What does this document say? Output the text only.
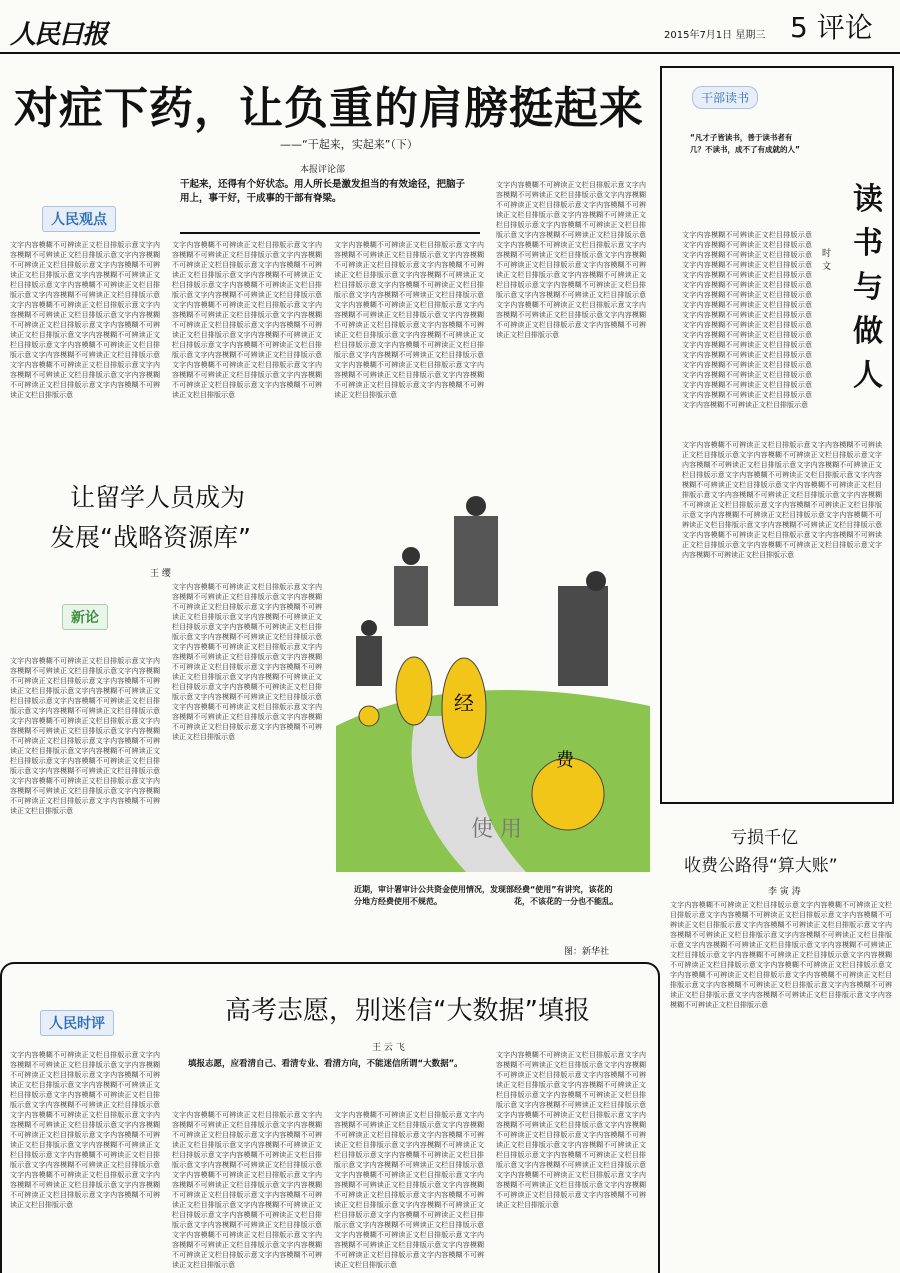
人民日报	2015年7月1日 星期三 5 评论
对症下药，让负重的肩膀挺起来
——“干起来，实起来”（下）
本报评论部
人民观点
干起来，还得有个好状态。用人所长是激发担当的有效途径，把脑子用上，事干好，干成事的干部有脊梁。
文字内容模糊不可辨读正文栏目排版示意文字内容模糊不可辨读正文栏目排版示意文字内容模糊不可辨读正文栏目排版示意文字内容模糊不可辨读正文栏目排版示意文字内容模糊不可辨读正文栏目排版示意文字内容模糊不可辨读正文栏目排版示意文字内容模糊不可辨读正文栏目排版示意文字内容模糊不可辨读正文栏目排版示意文字内容模糊不可辨读正文栏目排版示意文字内容模糊不可辨读正文栏目排版示意文字内容模糊不可辨读正文栏目排版示意文字内容模糊不可辨读正文栏目排版示意文字内容模糊不可辨读正文栏目排版示意文字内容模糊不可辨读正文栏目排版示意文字内容模糊不可辨读正文栏目排版示意文字内容模糊不可辨读正文栏目排版示意文字内容模糊不可辨读正文栏目排版示意文字内容模糊不可辨读正文栏目排版示意
文字内容模糊不可辨读正文栏目排版示意文字内容模糊不可辨读正文栏目排版示意文字内容模糊不可辨读正文栏目排版示意文字内容模糊不可辨读正文栏目排版示意文字内容模糊不可辨读正文栏目排版示意文字内容模糊不可辨读正文栏目排版示意文字内容模糊不可辨读正文栏目排版示意文字内容模糊不可辨读正文栏目排版示意文字内容模糊不可辨读正文栏目排版示意文字内容模糊不可辨读正文栏目排版示意文字内容模糊不可辨读正文栏目排版示意文字内容模糊不可辨读正文栏目排版示意文字内容模糊不可辨读正文栏目排版示意文字内容模糊不可辨读正文栏目排版示意文字内容模糊不可辨读正文栏目排版示意文字内容模糊不可辨读正文栏目排版示意文字内容模糊不可辨读正文栏目排版示意文字内容模糊不可辨读正文栏目排版示意
文字内容模糊不可辨读正文栏目排版示意文字内容模糊不可辨读正文栏目排版示意文字内容模糊不可辨读正文栏目排版示意文字内容模糊不可辨读正文栏目排版示意文字内容模糊不可辨读正文栏目排版示意文字内容模糊不可辨读正文栏目排版示意文字内容模糊不可辨读正文栏目排版示意文字内容模糊不可辨读正文栏目排版示意文字内容模糊不可辨读正文栏目排版示意文字内容模糊不可辨读正文栏目排版示意文字内容模糊不可辨读正文栏目排版示意文字内容模糊不可辨读正文栏目排版示意文字内容模糊不可辨读正文栏目排版示意文字内容模糊不可辨读正文栏目排版示意文字内容模糊不可辨读正文栏目排版示意文字内容模糊不可辨读正文栏目排版示意文字内容模糊不可辨读正文栏目排版示意文字内容模糊不可辨读正文栏目排版示意
文字内容模糊不可辨读正文栏目排版示意文字内容模糊不可辨读正文栏目排版示意文字内容模糊不可辨读正文栏目排版示意文字内容模糊不可辨读正文栏目排版示意文字内容模糊不可辨读正文栏目排版示意文字内容模糊不可辨读正文栏目排版示意文字内容模糊不可辨读正文栏目排版示意文字内容模糊不可辨读正文栏目排版示意文字内容模糊不可辨读正文栏目排版示意文字内容模糊不可辨读正文栏目排版示意文字内容模糊不可辨读正文栏目排版示意文字内容模糊不可辨读正文栏目排版示意文字内容模糊不可辨读正文栏目排版示意文字内容模糊不可辨读正文栏目排版示意文字内容模糊不可辨读正文栏目排版示意文字内容模糊不可辨读正文栏目排版示意文字内容模糊不可辨读正文栏目排版示意文字内容模糊不可辨读正文栏目排版示意
干部读书
“凡才子皆读书，善于读书者有几？不读书，成不了有成就的人”
读书与做人
时 文
文字内容模糊不可辨读正文栏目排版示意文字内容模糊不可辨读正文栏目排版示意文字内容模糊不可辨读正文栏目排版示意文字内容模糊不可辨读正文栏目排版示意文字内容模糊不可辨读正文栏目排版示意文字内容模糊不可辨读正文栏目排版示意文字内容模糊不可辨读正文栏目排版示意文字内容模糊不可辨读正文栏目排版示意文字内容模糊不可辨读正文栏目排版示意文字内容模糊不可辨读正文栏目排版示意文字内容模糊不可辨读正文栏目排版示意文字内容模糊不可辨读正文栏目排版示意文字内容模糊不可辨读正文栏目排版示意文字内容模糊不可辨读正文栏目排版示意文字内容模糊不可辨读正文栏目排版示意文字内容模糊不可辨读正文栏目排版示意文字内容模糊不可辨读正文栏目排版示意文字内容模糊不可辨读正文栏目排版示意
文字内容模糊不可辨读正文栏目排版示意文字内容模糊不可辨读正文栏目排版示意文字内容模糊不可辨读正文栏目排版示意文字内容模糊不可辨读正文栏目排版示意文字内容模糊不可辨读正文栏目排版示意文字内容模糊不可辨读正文栏目排版示意文字内容模糊不可辨读正文栏目排版示意文字内容模糊不可辨读正文栏目排版示意文字内容模糊不可辨读正文栏目排版示意文字内容模糊不可辨读正文栏目排版示意文字内容模糊不可辨读正文栏目排版示意文字内容模糊不可辨读正文栏目排版示意文字内容模糊不可辨读正文栏目排版示意文字内容模糊不可辨读正文栏目排版示意文字内容模糊不可辨读正文栏目排版示意文字内容模糊不可辨读正文栏目排版示意文字内容模糊不可辨读正文栏目排版示意文字内容模糊不可辨读正文栏目排版示意
让留学人员成为
发展“战略资源库”
王 缨
新论
文字内容模糊不可辨读正文栏目排版示意文字内容模糊不可辨读正文栏目排版示意文字内容模糊不可辨读正文栏目排版示意文字内容模糊不可辨读正文栏目排版示意文字内容模糊不可辨读正文栏目排版示意文字内容模糊不可辨读正文栏目排版示意文字内容模糊不可辨读正文栏目排版示意文字内容模糊不可辨读正文栏目排版示意文字内容模糊不可辨读正文栏目排版示意文字内容模糊不可辨读正文栏目排版示意文字内容模糊不可辨读正文栏目排版示意文字内容模糊不可辨读正文栏目排版示意文字内容模糊不可辨读正文栏目排版示意文字内容模糊不可辨读正文栏目排版示意文字内容模糊不可辨读正文栏目排版示意文字内容模糊不可辨读正文栏目排版示意文字内容模糊不可辨读正文栏目排版示意文字内容模糊不可辨读正文栏目排版示意
文字内容模糊不可辨读正文栏目排版示意文字内容模糊不可辨读正文栏目排版示意文字内容模糊不可辨读正文栏目排版示意文字内容模糊不可辨读正文栏目排版示意文字内容模糊不可辨读正文栏目排版示意文字内容模糊不可辨读正文栏目排版示意文字内容模糊不可辨读正文栏目排版示意文字内容模糊不可辨读正文栏目排版示意文字内容模糊不可辨读正文栏目排版示意文字内容模糊不可辨读正文栏目排版示意文字内容模糊不可辨读正文栏目排版示意文字内容模糊不可辨读正文栏目排版示意文字内容模糊不可辨读正文栏目排版示意文字内容模糊不可辨读正文栏目排版示意文字内容模糊不可辨读正文栏目排版示意文字内容模糊不可辨读正文栏目排版示意文字内容模糊不可辨读正文栏目排版示意文字内容模糊不可辨读正文栏目排版示意
使 用
经
费
近期，审计署审计公共资金使用情况，发现部分地方经费使用不规范。
经费“使用”有讲究，该花的花，不该花的一分也不能乱。
图：新华社
亏损千亿
收费公路得“算大账”
李 寅 涛
文字内容模糊不可辨读正文栏目排版示意文字内容模糊不可辨读正文栏目排版示意文字内容模糊不可辨读正文栏目排版示意文字内容模糊不可辨读正文栏目排版示意文字内容模糊不可辨读正文栏目排版示意文字内容模糊不可辨读正文栏目排版示意文字内容模糊不可辨读正文栏目排版示意文字内容模糊不可辨读正文栏目排版示意文字内容模糊不可辨读正文栏目排版示意文字内容模糊不可辨读正文栏目排版示意文字内容模糊不可辨读正文栏目排版示意文字内容模糊不可辨读正文栏目排版示意文字内容模糊不可辨读正文栏目排版示意文字内容模糊不可辨读正文栏目排版示意文字内容模糊不可辨读正文栏目排版示意文字内容模糊不可辨读正文栏目排版示意文字内容模糊不可辨读正文栏目排版示意文字内容模糊不可辨读正文栏目排版示意
人民时评	高考志愿，别迷信“大数据”填报
王 云 飞
填报志愿，应看清自己、看清专业、看清方向，不能迷信所谓“大数据”。
文字内容模糊不可辨读正文栏目排版示意文字内容模糊不可辨读正文栏目排版示意文字内容模糊不可辨读正文栏目排版示意文字内容模糊不可辨读正文栏目排版示意文字内容模糊不可辨读正文栏目排版示意文字内容模糊不可辨读正文栏目排版示意文字内容模糊不可辨读正文栏目排版示意文字内容模糊不可辨读正文栏目排版示意文字内容模糊不可辨读正文栏目排版示意文字内容模糊不可辨读正文栏目排版示意文字内容模糊不可辨读正文栏目排版示意文字内容模糊不可辨读正文栏目排版示意文字内容模糊不可辨读正文栏目排版示意文字内容模糊不可辨读正文栏目排版示意文字内容模糊不可辨读正文栏目排版示意文字内容模糊不可辨读正文栏目排版示意文字内容模糊不可辨读正文栏目排版示意文字内容模糊不可辨读正文栏目排版示意
文字内容模糊不可辨读正文栏目排版示意文字内容模糊不可辨读正文栏目排版示意文字内容模糊不可辨读正文栏目排版示意文字内容模糊不可辨读正文栏目排版示意文字内容模糊不可辨读正文栏目排版示意文字内容模糊不可辨读正文栏目排版示意文字内容模糊不可辨读正文栏目排版示意文字内容模糊不可辨读正文栏目排版示意文字内容模糊不可辨读正文栏目排版示意文字内容模糊不可辨读正文栏目排版示意文字内容模糊不可辨读正文栏目排版示意文字内容模糊不可辨读正文栏目排版示意文字内容模糊不可辨读正文栏目排版示意文字内容模糊不可辨读正文栏目排版示意文字内容模糊不可辨读正文栏目排版示意文字内容模糊不可辨读正文栏目排版示意文字内容模糊不可辨读正文栏目排版示意文字内容模糊不可辨读正文栏目排版示意
文字内容模糊不可辨读正文栏目排版示意文字内容模糊不可辨读正文栏目排版示意文字内容模糊不可辨读正文栏目排版示意文字内容模糊不可辨读正文栏目排版示意文字内容模糊不可辨读正文栏目排版示意文字内容模糊不可辨读正文栏目排版示意文字内容模糊不可辨读正文栏目排版示意文字内容模糊不可辨读正文栏目排版示意文字内容模糊不可辨读正文栏目排版示意文字内容模糊不可辨读正文栏目排版示意文字内容模糊不可辨读正文栏目排版示意文字内容模糊不可辨读正文栏目排版示意文字内容模糊不可辨读正文栏目排版示意文字内容模糊不可辨读正文栏目排版示意文字内容模糊不可辨读正文栏目排版示意文字内容模糊不可辨读正文栏目排版示意文字内容模糊不可辨读正文栏目排版示意文字内容模糊不可辨读正文栏目排版示意
文字内容模糊不可辨读正文栏目排版示意文字内容模糊不可辨读正文栏目排版示意文字内容模糊不可辨读正文栏目排版示意文字内容模糊不可辨读正文栏目排版示意文字内容模糊不可辨读正文栏目排版示意文字内容模糊不可辨读正文栏目排版示意文字内容模糊不可辨读正文栏目排版示意文字内容模糊不可辨读正文栏目排版示意文字内容模糊不可辨读正文栏目排版示意文字内容模糊不可辨读正文栏目排版示意文字内容模糊不可辨读正文栏目排版示意文字内容模糊不可辨读正文栏目排版示意文字内容模糊不可辨读正文栏目排版示意文字内容模糊不可辨读正文栏目排版示意文字内容模糊不可辨读正文栏目排版示意文字内容模糊不可辨读正文栏目排版示意文字内容模糊不可辨读正文栏目排版示意文字内容模糊不可辨读正文栏目排版示意
